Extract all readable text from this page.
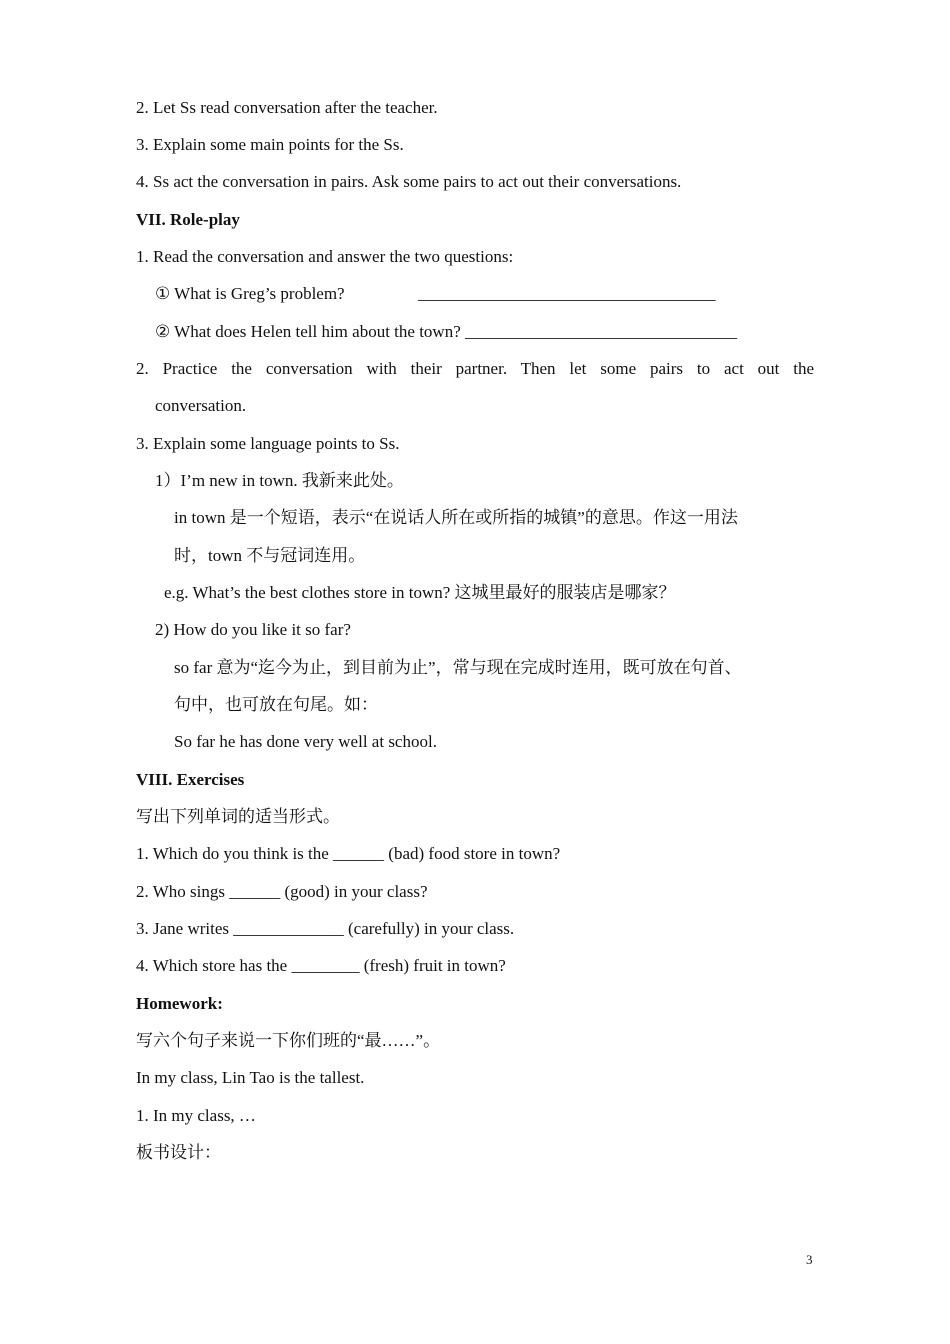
2. Let Ss read conversation after the teacher.
3. Explain some main points for the Ss.
4. Ss act the conversation in pairs. Ask some pairs to act out their conversations.
VII. Role-play
1. Read the conversation and answer the two questions:
① What is Greg’s problem?	___________________________________
② What does Helen tell him about the town? ________________________________
2. Practice the conversation with their partner. Then let some pairs to act out the
conversation.
3. Explain some language points to Ss.
1）I’m new in town. 我新来此处。
in town 是一个短语，表示“在说话人所在或所指的城镇”的意思。作这一用法
时，town 不与冠词连用。
e.g. What’s the best clothes store in town? 这城里最好的服装店是哪家？
2) How do you like it so far?
so far 意为“迄今为止，到目前为止”，常与现在完成时连用，既可放在句首、
句中，也可放在句尾。如：
So far he has done very well at school.
VIII. Exercises
写出下列单词的适当形式。
1. Which do you think is the ______ (bad) food store in town?
2. Who sings ______ (good) in your class?
3. Jane writes _____________ (carefully) in your class.
4. Which store has the ________ (fresh) fruit in town?
Homework:
写六个句子来说一下你们班的“最……”。
In my class, Lin Tao is the tallest.
1. In my class, …
板书设计：
3
